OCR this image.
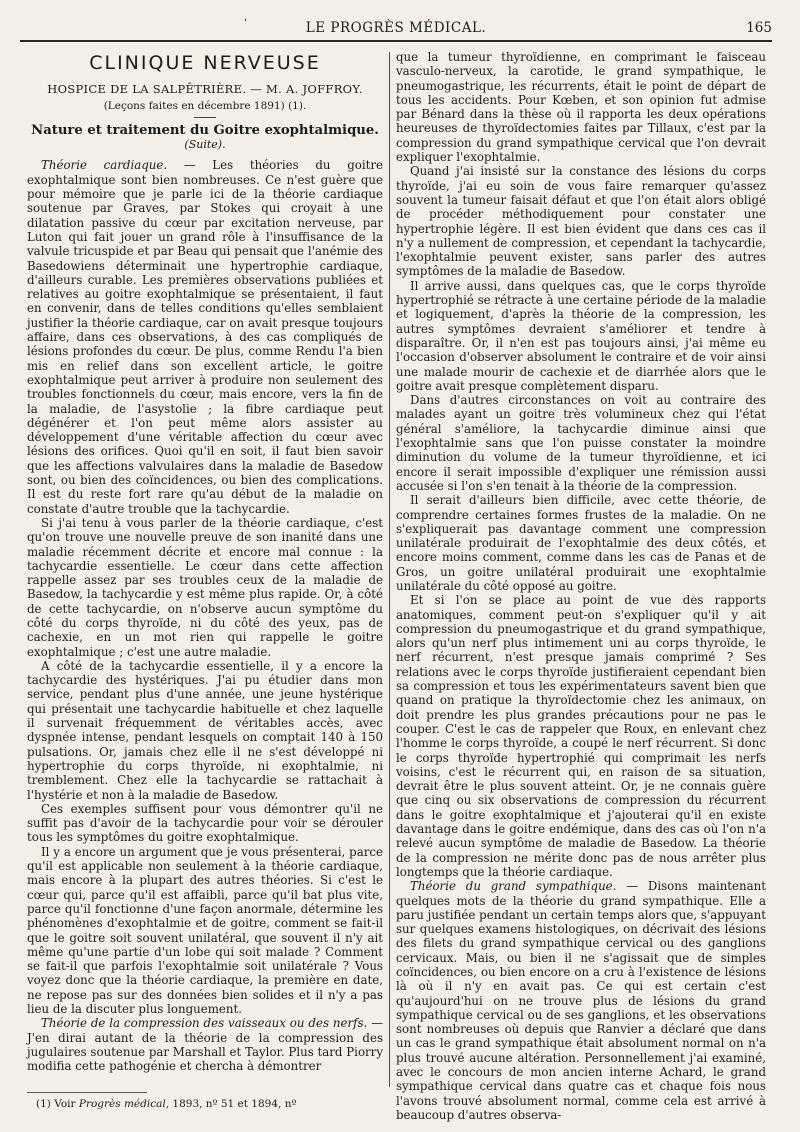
'	LE PROGRÈS MÉDICAL.	165
CLINIQUE NERVEUSE
HOSPICE DE LA SALPÊTRIÈRE. — M. A. JOFFROY.
(Leçons faites en décembre 1891) (1).
Nature et traitement du Goitre exophtalmique.
(Suite).

Théorie cardiaque. — Les théories du goitre exophtalmique sont bien nombreuses. Ce n'est guère que pour mémoire que je parle ici de la théorie cardiaque soutenue par Graves, par Stokes qui croyait à une dilatation passive du cœur par excitation nerveuse, par Luton qui fait jouer un grand rôle à l'insuffisance de la valvule tricuspide et par Beau qui pensait que l'anémie des Basedowiens déterminait une hypertrophie cardiaque, d'ailleurs curable. Les premières observations publiées et relatives au goitre exophtalmique se présentaient, il faut en convenir, dans de telles conditions qu'elles semblaient justifier la théorie cardiaque, car on avait presque toujours affaire, dans ces observations, à des cas compliqués de lésions profondes du cœur. De plus, comme Rendu l'a bien mis en relief dans son excellent article, le goitre exophtalmique peut arriver à produire non seulement des troubles fonctionnels du cœur, mais encore, vers la fin de la maladie, de l'asystolie ; la fibre cardiaque peut dégénérer et l'on peut même alors assister au développement d'une véritable affection du cœur avec lésions des orifices. Quoi qu'il en soit, il faut bien savoir que les affections valvulaires dans la maladie de Basedow sont, ou bien des coïncidences, ou bien des complications. Il est du reste fort rare qu'au début de la maladie on constate d'autre trouble que la tachycardie.

Si j'ai tenu à vous parler de la théorie cardiaque, c'est qu'on trouve une nouvelle preuve de son inanité dans une maladie récemment décrite et encore mal connue : la tachycardie essentielle. Le cœur dans cette affection rappelle assez par ses troubles ceux de la maladie de Basedow, la tachycardie y est même plus rapide. Or, à côté de cette tachycardie, on n'observe aucun symptôme du côté du corps thyroïde, ni du côté des yeux, pas de cachexie, en un mot rien qui rappelle le goitre exophtalmique ; c'est une autre maladie.

A côté de la tachycardie essentielle, il y a encore la tachycardie des hystériques. J'ai pu étudier dans mon service, pendant plus d'une année, une jeune hystérique qui présentait une tachycardie habituelle et chez laquelle il survenait fréquemment de véritables accès, avec dyspnée intense, pendant lesquels on comptait 140 à 150 pulsations. Or, jamais chez elle il ne s'est développé ni hypertrophie du corps thyroïde, ni exophtalmie, ni tremblement. Chez elle la tachycardie se rattachait à l'hystérie et non à la maladie de Basedow.

Ces exemples suffisent pour vous démontrer qu'il ne suffit pas d'avoir de la tachycardie pour voir se dérouler tous les symptômes du goitre exophtalmique.

Il y a encore un argument que je vous présenterai, parce qu'il est applicable non seulement à la théorie cardiaque, mais encore à la plupart des autres théories. Si c'est le cœur qui, parce qu'il est affaibli, parce qu'il bat plus vite, parce qu'il fonctionne d'une façon anormale, détermine les phénomènes d'exophtalmie et de goitre, comment se fait-il que le goitre soit souvent unilatéral, que souvent il n'y ait même qu'une partie d'un lobe qui soit malade ? Comment se fait-il que parfois l'exophtalmie soit unilatérale ? Vous voyez donc que la théorie cardiaque, la première en date, ne repose pas sur des données bien solides et il n'y a pas lieu de la discuter plus longuement.

Théorie de la compression des vaisseaux ou des nerfs. — J'en dirai autant de la théorie de la compression des jugulaires soutenue par Marshall et Taylor. Plus tard Piorry modifia cette pathogénie et chercha à démontrer

que la tumeur thyroïdienne, en comprimant le faisceau vasculo-nerveux, la carotide, le grand sympathique, le pneumogastrique, les récurrents, était le point de départ de tous les accidents. Pour Kœben, et son opinion fut admise par Bénard dans la thèse où il rapporta les deux opérations heureuses de thyroïdectomies faites par Tillaux, c'est par la compression du grand sympathique cervical que l'on devrait expliquer l'exophtalmie.

Quand j'ai insisté sur la constance des lésions du corps thyroïde, j'ai eu soin de vous faire remarquer qu'assez souvent la tumeur faisait défaut et que l'on était alors obligé de procéder méthodiquement pour constater une hypertrophie légère. Il est bien évident que dans ces cas il n'y a nullement de compression, et cependant la tachycardie, l'exophtalmie peuvent exister, sans parler des autres symptômes de la maladie de Basedow.

Il arrive aussi, dans quelques cas, que le corps thyroïde hypertrophié se rétracte à une certaine période de la maladie et logiquement, d'après la théorie de la compression, les autres symptômes devraient s'améliorer et tendre à disparaître. Or, il n'en est pas toujours ainsi, j'ai même eu l'occasion d'observer absolument le contraire et de voir ainsi une malade mourir de cachexie et de diarrhée alors que le goitre avait presque complètement disparu.

Dans d'autres circonstances on voit au contraire des malades ayant un goitre très volumineux chez qui l'état général s'améliore, la tachycardie diminue ainsi que l'exophtalmie sans que l'on puisse constater la moindre diminution du volume de la tumeur thyroïdienne, et ici encore il serait impossible d'expliquer une rémission aussi accusée si l'on s'en tenait à la théorie de la compression.

Il serait d'ailleurs bien difficile, avec cette théorie, de comprendre certaines formes frustes de la maladie. On ne s'expliquerait pas davantage comment une compression unilatérale produirait de l'exophtalmie des deux côtés, et encore moins comment, comme dans les cas de Panas et de Gros, un goitre unilatéral produirait une exophtalmie unilatérale du côté opposé au goitre.

Et si l'on se place au point de vue des rapports anatomiques, comment peut-on s'expliquer qu'il y ait compression du pneumogastrique et du grand sympathique, alors qu'un nerf plus intimement uni au corps thyroïde, le nerf récurrent, n'est presque jamais comprimé ? Ses relations avec le corps thyroïde justifieraient cependant bien sa compression et tous les expérimentateurs savent bien que quand on pratique la thyroïdectomie chez les animaux, on doit prendre les plus grandes précautions pour ne pas le couper. C'est le cas de rappeler que Roux, en enlevant chez l'homme le corps thyroïde, a coupé le nerf récurrent. Si donc le corps thyroïde hypertrophié qui comprimait les nerfs voisins, c'est le récurrent qui, en raison de sa situation, devrait être le plus souvent atteint. Or, je ne connais guère que cinq ou six observations de compression du récurrent dans le goitre exophtalmique et j'ajouterai qu'il en existe davantage dans le goitre endémique, dans des cas où l'on n'a relevé aucun symptôme de maladie de Basedow. La théorie de la compression ne mérite donc pas de nous arrêter plus longtemps que la théorie cardiaque.

Théorie du grand sympathique. — Disons maintenant quelques mots de la théorie du grand sympathique. Elle a paru justifiée pendant un certain temps alors que, s'appuyant sur quelques examens histologiques, on décrivait des lésions des filets du grand sympathique cervical ou des ganglions cervicaux. Mais, ou bien il ne s'agissait que de simples coïncidences, ou bien encore on a cru à l'existence de lésions là où il n'y en avait pas. Ce qui est certain c'est qu'aujourd'hui on ne trouve plus de lésions du grand sympathique cervical ou de ses ganglions, et les observations sont nombreuses où depuis que Ranvier a déclaré que dans un cas le grand sympathique était absolument normal on n'a plus trouvé aucune altération. Personnellement j'ai examiné, avec le concours de mon ancien interne Achard, le grand sympathique cervical dans quatre cas et chaque fois nous l'avons trouvé absolument normal, comme cela est arrivé à beaucoup d'autres observa-

(1) Voir Progrès médical, 1893, nº 51 et 1894, nº
